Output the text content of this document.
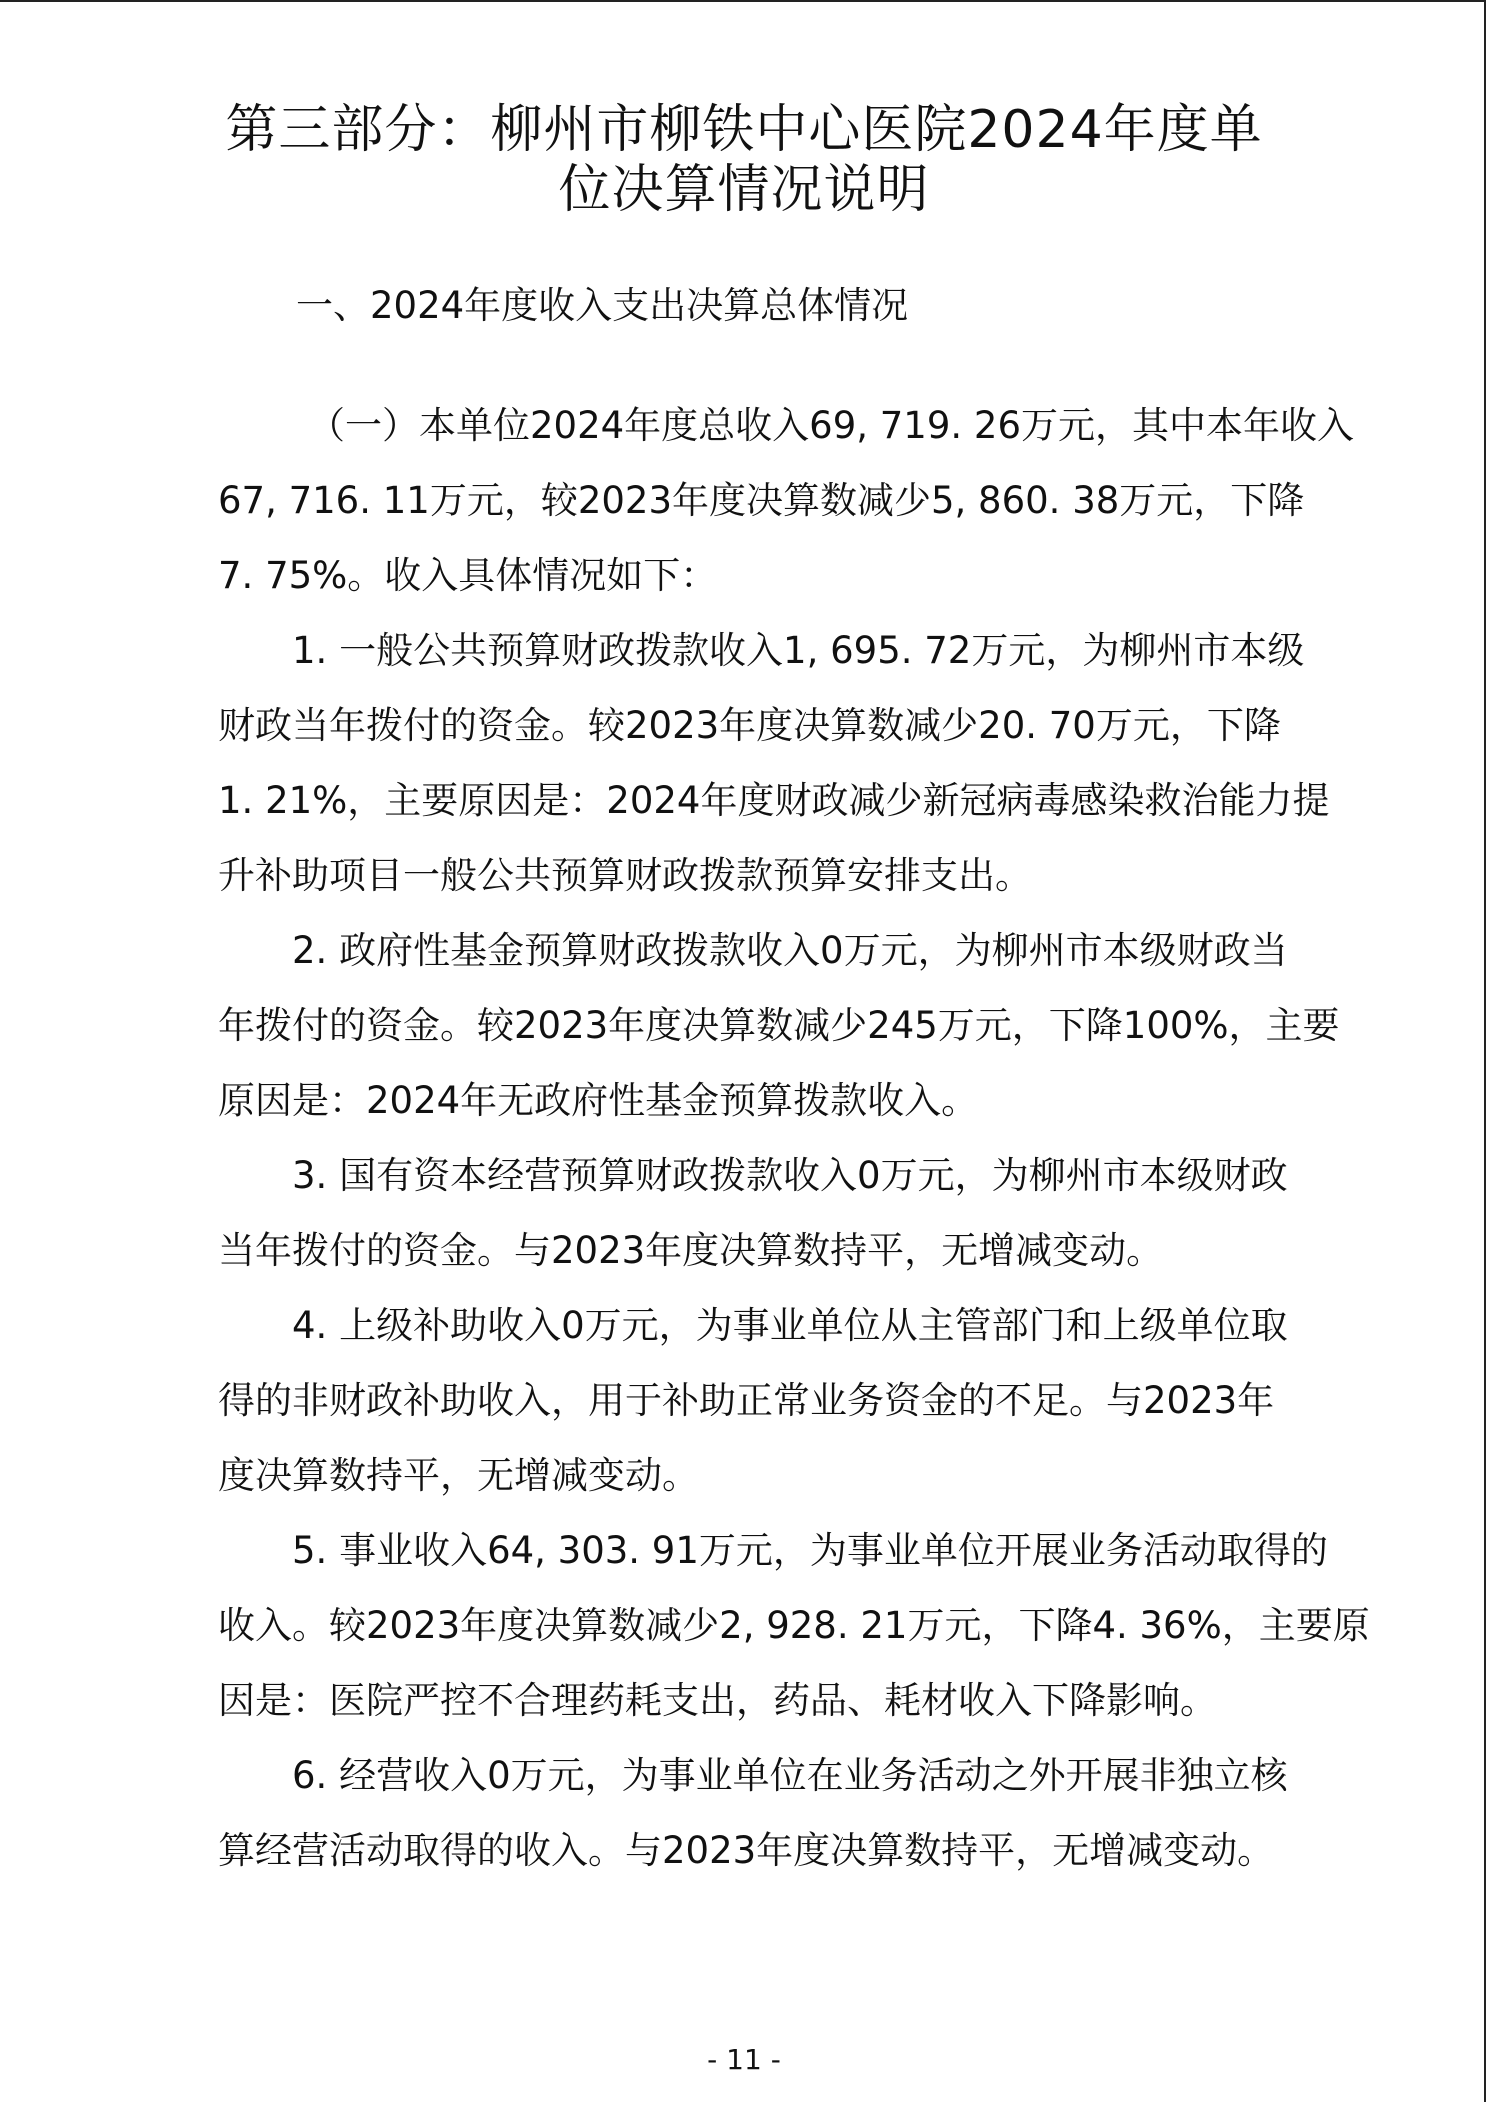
第三部分：柳州市柳铁中心医院2024年度单
位决算情况说明
一、2024年度收入支出决算总体情况
（一）本单位2024年度总收入69, 719. 26万元，其中本年收入
67, 716. 11万元，较2023年度决算数减少5, 860. 38万元，下降
7. 75%。收入具体情况如下：
1. 一般公共预算财政拨款收入1, 695. 72万元，为柳州市本级
财政当年拨付的资金。较2023年度决算数减少20. 70万元，下降
1. 21%，主要原因是：2024年度财政减少新冠病毒感染救治能力提
升补助项目一般公共预算财政拨款预算安排支出。
2. 政府性基金预算财政拨款收入0万元，为柳州市本级财政当
年拨付的资金。较2023年度决算数减少245万元，下降100%，主要
原因是：2024年无政府性基金预算拨款收入。
3. 国有资本经营预算财政拨款收入0万元，为柳州市本级财政
当年拨付的资金。与2023年度决算数持平，无增减变动。
4. 上级补助收入0万元，为事业单位从主管部门和上级单位取
得的非财政补助收入，用于补助正常业务资金的不足。与2023年
度决算数持平，无增减变动。
5. 事业收入64, 303. 91万元，为事业单位开展业务活动取得的
收入。较2023年度决算数减少2, 928. 21万元，下降4. 36%，主要原
因是：医院严控不合理药耗支出，药品、耗材收入下降影响。
6. 经营收入0万元，为事业单位在业务活动之外开展非独立核
算经营活动取得的收入。与2023年度决算数持平，无增减变动。
- 11 -
